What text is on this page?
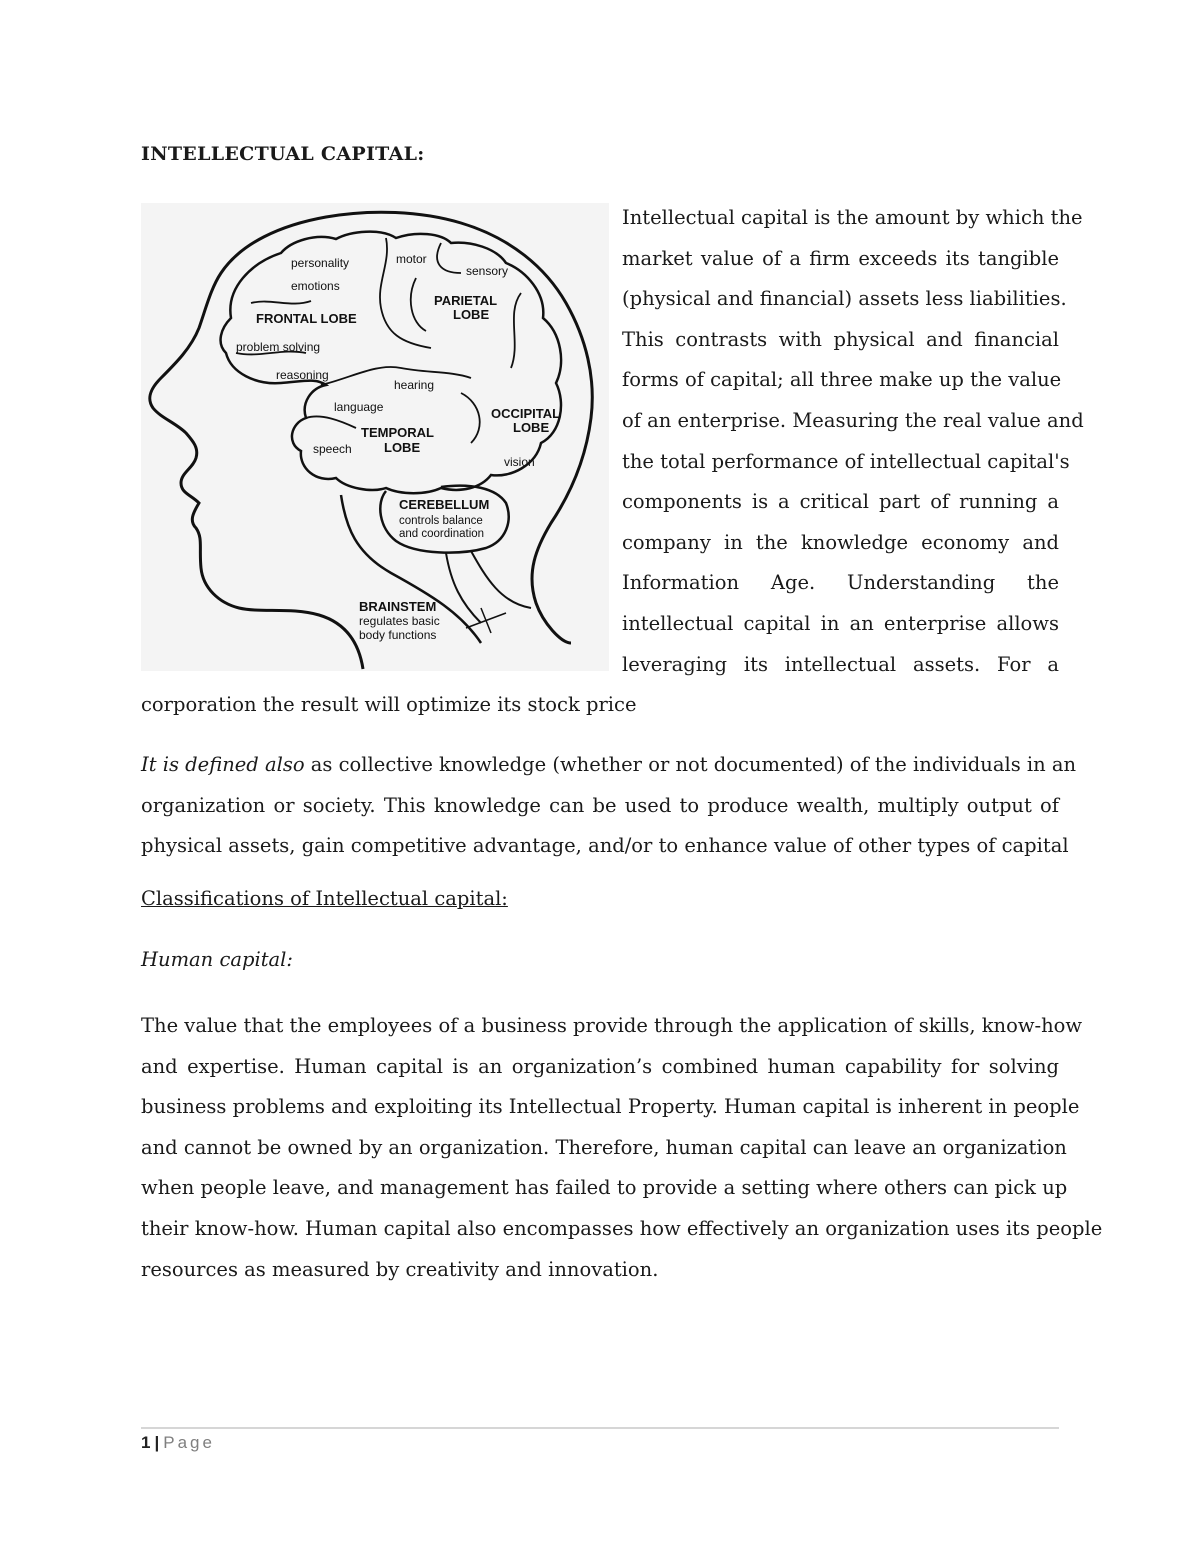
INTELLECTUAL CAPITAL:
personality	motor
sensory
emotions
PARIETAL
LOBE
FRONTAL LOBE
problem solving
reasoning
hearing
language	OCCIPITAL
LOBE
TEMPORAL
LOBE
speech
vision
CEREBELLUM
controls balance
and coordination
BRAINSTEM
regulates basic
body functions
Intellectual capital is the amount by which the
market value of a firm exceeds its tangible
(physical and financial) assets less liabilities.
This contrasts with physical and financial
forms of capital; all three make up the value
of an enterprise. Measuring the real value and
the total performance of intellectual capital's
components is a critical part of running a
company in the knowledge economy and
Information Age. Understanding the
intellectual capital in an enterprise allows
leveraging its intellectual assets. For a
corporation the result will optimize its stock price
It is defined also as collective knowledge (whether or not documented) of the individuals in an
organization or society. This knowledge can be used to produce wealth, multiply output of
physical assets, gain competitive advantage, and/or to enhance value of other types of capital
Classifications of Intellectual capital:
Human capital:
The value that the employees of a business provide through the application of skills, know-how
and expertise. Human capital is an organization’s combined human capability for solving
business problems and exploiting its Intellectual Property. Human capital is inherent in people
and cannot be owned by an organization. Therefore, human capital can leave an organization
when people leave, and management has failed to provide a setting where others can pick up
their know-how. Human capital also encompasses how effectively an organization uses its people
resources as measured by creativity and innovation.
1 | Page
